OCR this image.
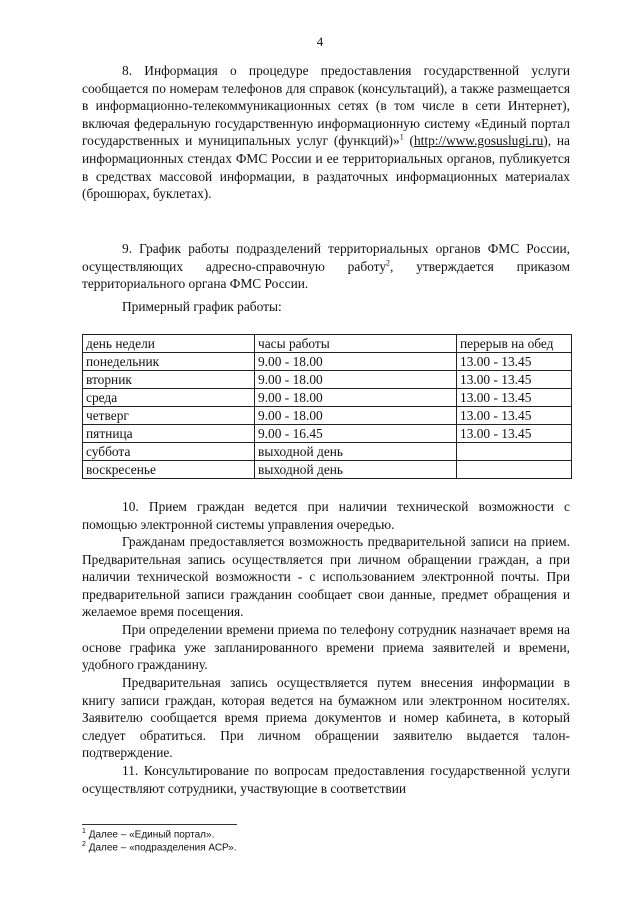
4

8. Информация о процедуре предоставления государственной услуги сообщается по номерам телефонов для справок (консультаций), а также размещается в информационно-телекоммуникационных сетях (в том числе в сети Интернет), включая федеральную государственную информационную систему «Единый портал государственных и муниципальных услуг (функций)»$^1$ (http://www.gosuslugi.ru), на информационных стендах ФМС России и ее территориальных органов, публикуется в средствах массовой информации, в раздаточных информационных материалах (брошюрах, буклетах).

9. График работы подразделений территориальных органов ФМС России, осуществляющих адресно-справочную работу$^2$, утверждается приказом территориального органа ФМС России.

Примерный график работы:
день недели	часы работы	перерыв на обед
понедельник	9.00 - 18.00	13.00 - 13.45
вторник	9.00 - 18.00	13.00 - 13.45
среда	9.00 - 18.00	13.00 - 13.45
четверг	9.00 - 18.00	13.00 - 13.45
пятница	9.00 - 16.45	13.00 - 13.45
суббота	выходной день	
воскресенье	выходной день	

10. Прием граждан ведется при наличии технической возможности с помощью электронной системы управления очередью.

Гражданам предоставляется возможность предварительной записи на прием. Предварительная запись осуществляется при личном обращении граждан, а при наличии технической возможности - с использованием электронной почты. При предварительной записи гражданин сообщает свои данные, предмет обращения и желаемое время посещения.

При определении времени приема по телефону сотрудник назначает время на основе графика уже запланированного времени приема заявителей и времени, удобного гражданину.

Предварительная запись осуществляется путем внесения информации в книгу записи граждан, которая ведется на бумажном или электронном носителях. Заявителю сообщается время приема документов и номер кабинета, в который следует обратиться. При личном обращении заявителю выдается талон-подтверждение.

11. Консультирование по вопросам предоставления государственной услуги осуществляют сотрудники, участвующие в соответствии

$^1$ Далее – «Единый портал».
$^2$ Далее – «подразделения АСР».
